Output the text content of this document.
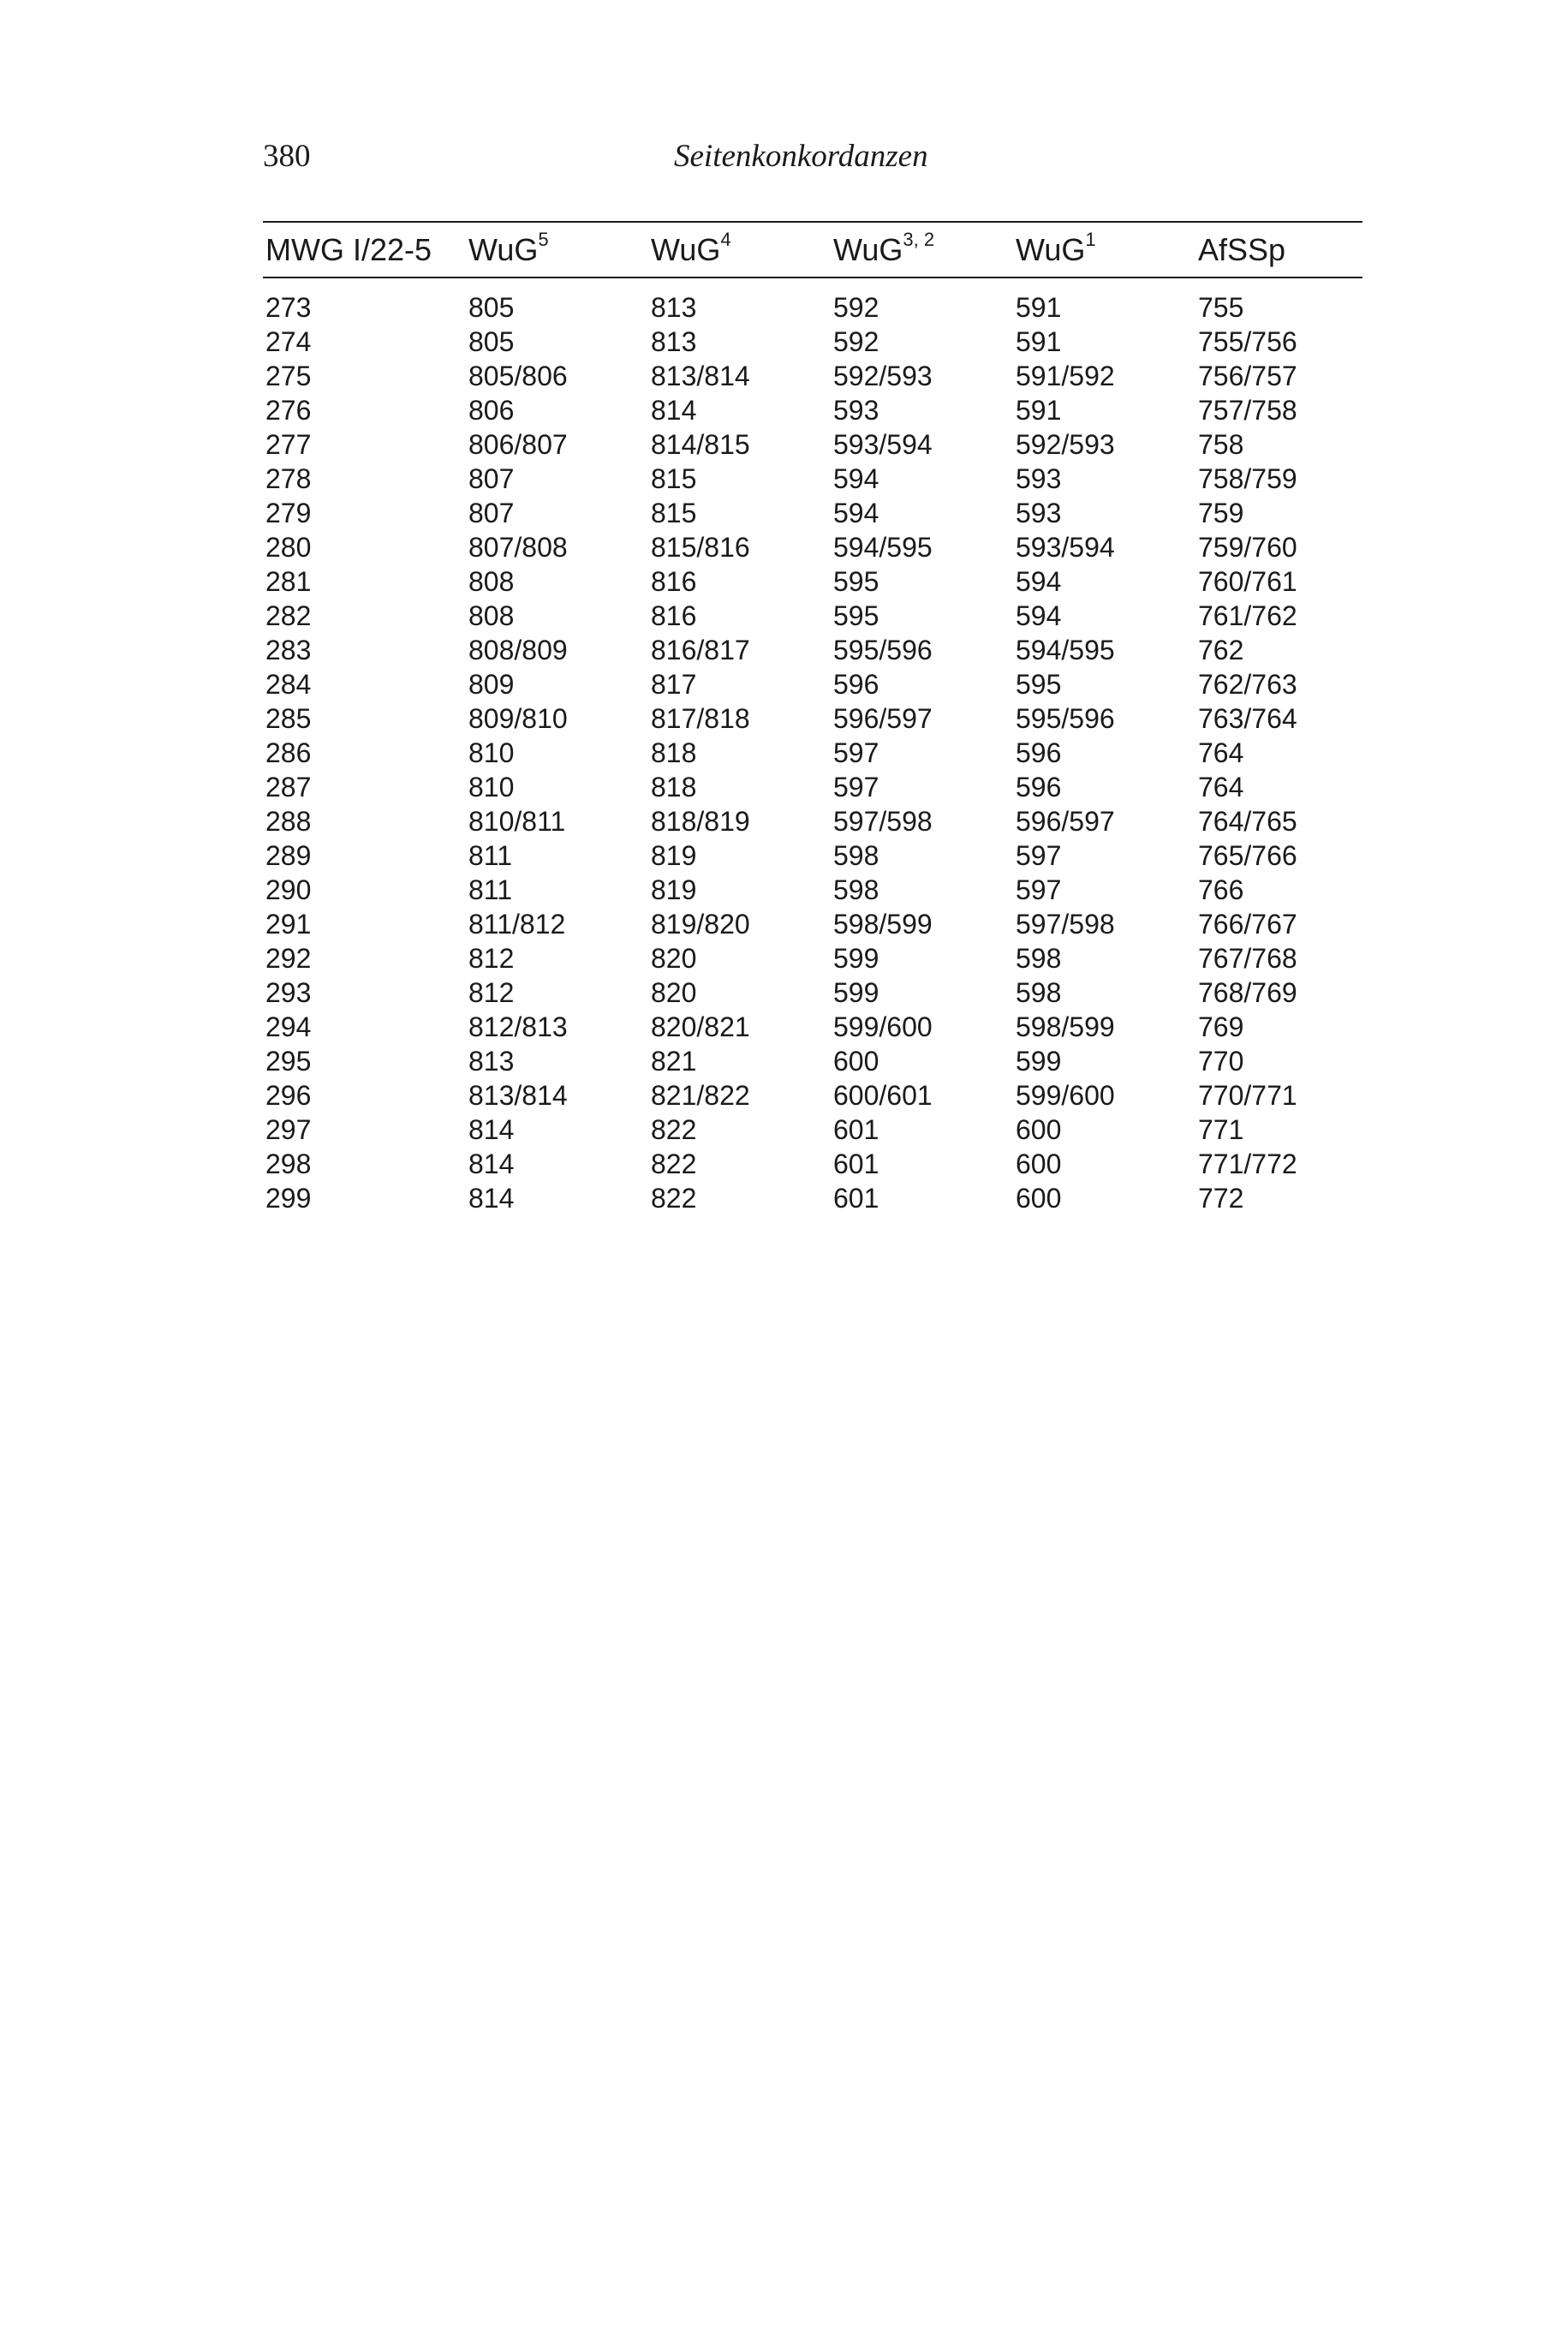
380	Seitenkonkordanzen
MWG I/22-5	WuG$^5$	WuG$^4$	WuG$^{3, 2}$	WuG$^1$	AfSSp
273	805	813	592	591	755
274	805	813	592	591	755/756
275	805/806	813/814	592/593	591/592	756/757
276	806	814	593	591	757/758
277	806/807	814/815	593/594	592/593	758
278	807	815	594	593	758/759
279	807	815	594	593	759
280	807/808	815/816	594/595	593/594	759/760
281	808	816	595	594	760/761
282	808	816	595	594	761/762
283	808/809	816/817	595/596	594/595	762
284	809	817	596	595	762/763
285	809/810	817/818	596/597	595/596	763/764
286	810	818	597	596	764
287	810	818	597	596	764
288	810/811	818/819	597/598	596/597	764/765
289	811	819	598	597	765/766
290	811	819	598	597	766
291	811/812	819/820	598/599	597/598	766/767
292	812	820	599	598	767/768
293	812	820	599	598	768/769
294	812/813	820/821	599/600	598/599	769
295	813	821	600	599	770
296	813/814	821/822	600/601	599/600	770/771
297	814	822	601	600	771
298	814	822	601	600	771/772
299	814	822	601	600	772
